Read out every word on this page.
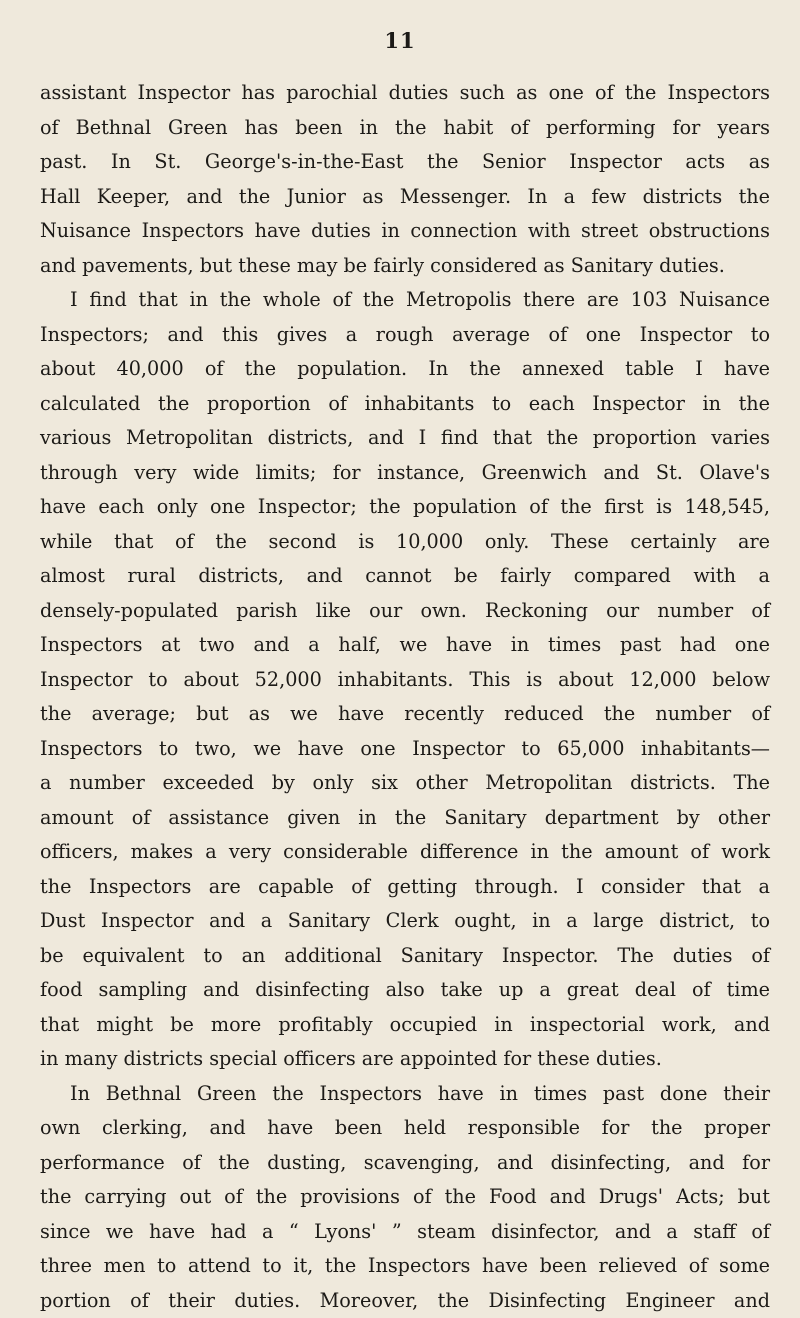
11
assistant Inspector has parochial duties such as one of the Inspectors
of Bethnal Green has been in the habit of performing for years
past. In St. George's-in-the-East the Senior Inspector acts as
Hall Keeper, and the Junior as Messenger. In a few districts the
Nuisance Inspectors have duties in connection with street obstructions
and pavements, but these may be fairly considered as Sanitary duties.
I find that in the whole of the Metropolis there are 103 Nuisance
Inspectors; and this gives a rough average of one Inspector to
about 40,000 of the population. In the annexed table I have
calculated the proportion of inhabitants to each Inspector in the
various Metropolitan districts, and I find that the proportion varies
through very wide limits; for instance, Greenwich and St. Olave's
have each only one Inspector; the population of the first is 148,545,
while that of the second is 10,000 only. These certainly are
almost rural districts, and cannot be fairly compared with a
densely-populated parish like our own. Reckoning our number of
Inspectors at two and a half, we have in times past had one
Inspector to about 52,000 inhabitants. This is about 12,000 below
the average; but as we have recently reduced the number of
Inspectors to two, we have one Inspector to 65,000 inhabitants—
a number exceeded by only six other Metropolitan districts. The
amount of assistance given in the Sanitary department by other
officers, makes a very considerable difference in the amount of work
the Inspectors are capable of getting through. I consider that a
Dust Inspector and a Sanitary Clerk ought, in a large district, to
be equivalent to an additional Sanitary Inspector. The duties of
food sampling and disinfecting also take up a great deal of time
that might be more profitably occupied in inspectorial work, and
in many districts special officers are appointed for these duties.
In Bethnal Green the Inspectors have in times past done their
own clerking, and have been held responsible for the proper
performance of the dusting, scavenging, and disinfecting, and for
the carrying out of the provisions of the Food and Drugs' Acts; but
since we have had a “ Lyons' ” steam disinfector, and a staff of
three men to attend to it, the Inspectors have been relieved of some
portion of their duties. Moreover, the Disinfecting Engineer and
